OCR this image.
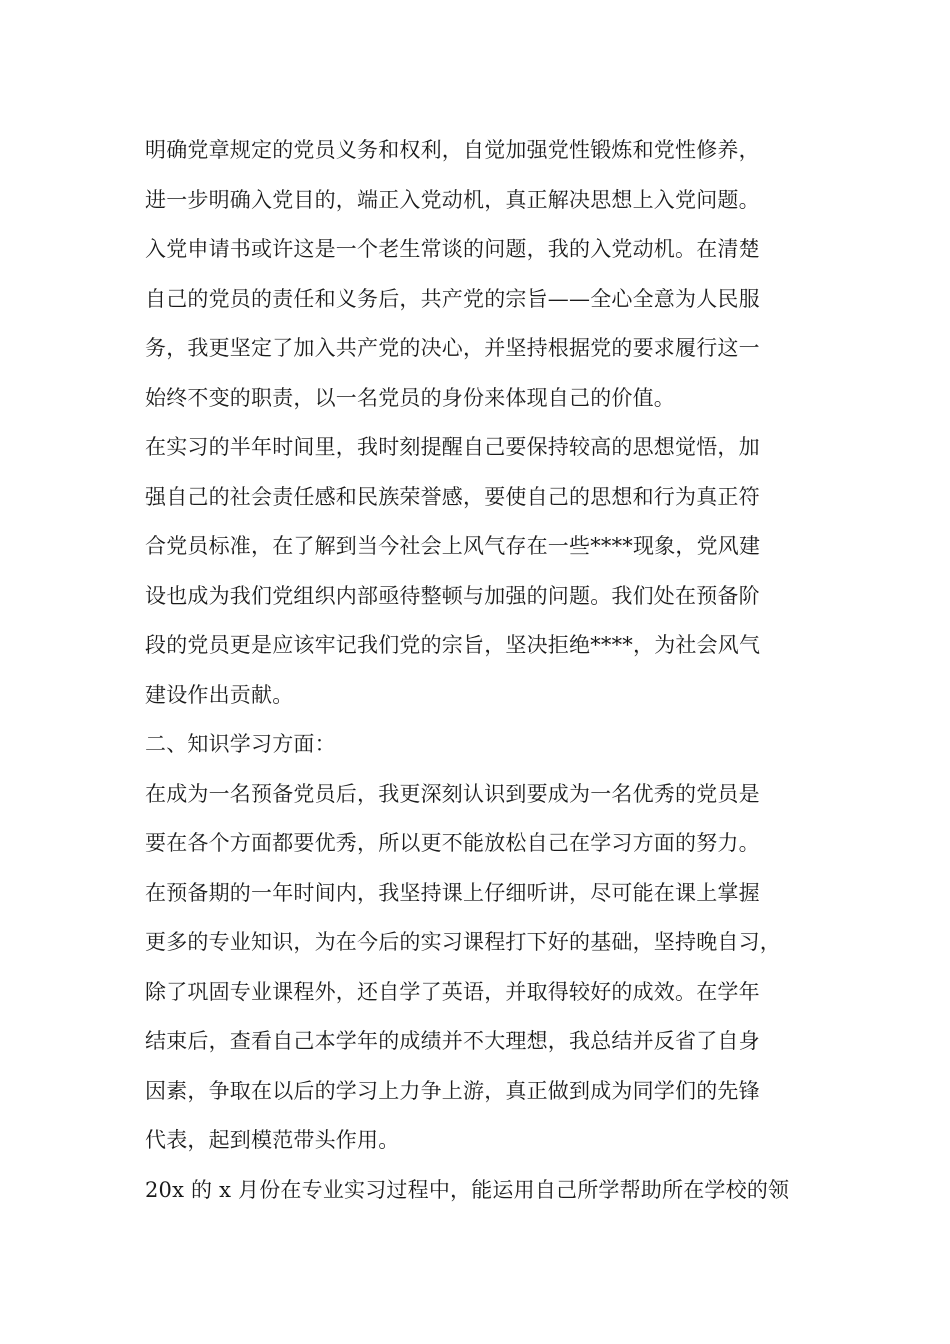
明确党章规定的党员义务和权利，自觉加强党性锻炼和党性修养，
进一步明确入党目的，端正入党动机，真正解决思想上入党问题。
入党申请书或许这是一个老生常谈的问题，我的入党动机。在清楚
自己的党员的责任和义务后，共产党的宗旨——全心全意为人民服
务，我更坚定了加入共产党的决心，并坚持根据党的要求履行这一
始终不变的职责，以一名党员的身份来体现自己的价值。
在实习的半年时间里，我时刻提醒自己要保持较高的思想觉悟，加
强自己的社会责任感和民族荣誉感，要使自己的思想和行为真正符
合党员标准，在了解到当今社会上风气存在一些****现象，党风建
设也成为我们党组织内部亟待整顿与加强的问题。我们处在预备阶
段的党员更是应该牢记我们党的宗旨，坚决拒绝****，为社会风气
建设作出贡献。
二、知识学习方面：
在成为一名预备党员后，我更深刻认识到要成为一名优秀的党员是
要在各个方面都要优秀，所以更不能放松自己在学习方面的努力。
在预备期的一年时间内，我坚持课上仔细听讲，尽可能在课上掌握
更多的专业知识，为在今后的实习课程打下好的基础，坚持晚自习，
除了巩固专业课程外，还自学了英语，并取得较好的成效。在学年
结束后，查看自己本学年的成绩并不大理想，我总结并反省了自身
因素，争取在以后的学习上力争上游，真正做到成为同学们的先锋
代表，起到模范带头作用。
20x 的 x 月份在专业实习过程中，能运用自己所学帮助所在学校的领
